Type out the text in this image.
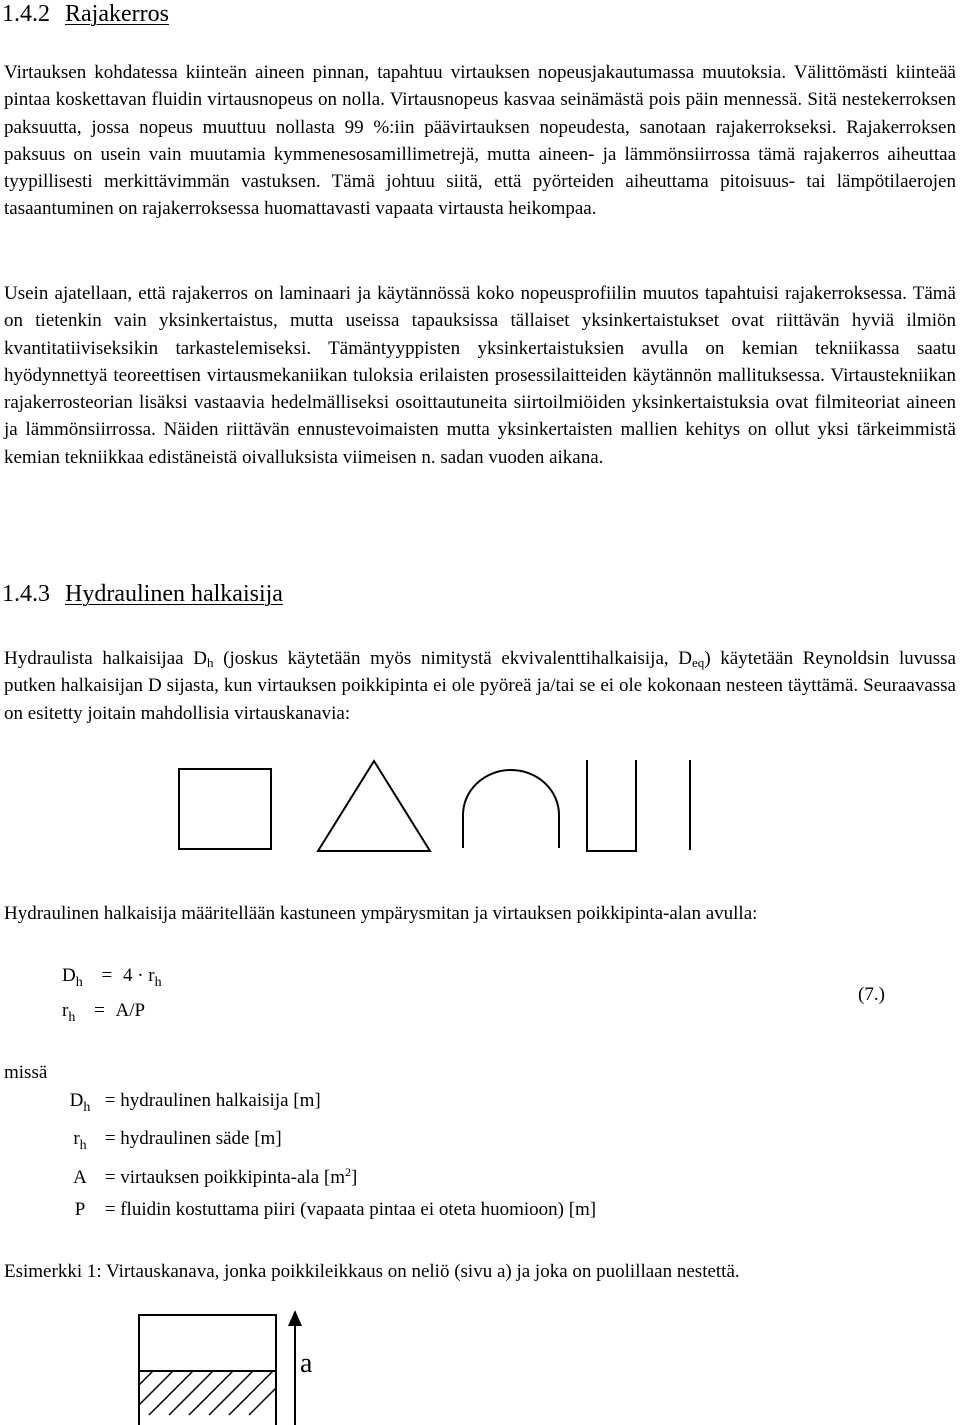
1.4.2 Rajakerros
Virtauksen kohdatessa kiinteän aineen pinnan, tapahtuu virtauksen nopeusjakautumassa muutoksia. Välittömästi kiinteää pintaa koskettavan fluidin virtausnopeus on nolla. Virtausnopeus kasvaa seinämästä pois päin mennessä. Sitä nestekerroksen paksuutta, jossa nopeus muuttuu nollasta 99 %:iin päävirtauksen nopeudesta, sanotaan rajakerrokseksi. Rajakerroksen paksuus on usein vain muutamia kymmenesosamillimetrejä, mutta aineen- ja lämmönsiirrossa tämä rajakerros aiheuttaa tyypillisesti merkittävimmän vastuksen. Tämä johtuu siitä, että pyörteiden aiheuttama pitoisuus- tai lämpötilaerojen tasaantuminen on rajakerroksessa huomattavasti vapaata virtausta heikompaa.
Usein ajatellaan, että rajakerros on laminaari ja käytännössä koko nopeusprofiilin muutos tapahtuisi rajakerroksessa. Tämä on tietenkin vain yksinkertaistus, mutta useissa tapauksissa tällaiset yksinkertaistukset ovat riittävän hyviä ilmiön kvantitatiiviseksikin tarkastelemiseksi. Tämäntyyppisten yksinkertaistuksien avulla on kemian tekniikassa saatu hyödynnettyä teoreettisen virtausmekaniikan tuloksia erilaisten prosessilaitteiden käytännön mallituksessa. Virtaustekniikan rajakerrosteorian lisäksi vastaavia hedelmälliseksi osoittautuneita siirtoilmiöiden yksinkertaistuksia ovat filmiteoriat aineen ja lämmönsiirrossa. Näiden riittävän ennustevoimaisten mutta yksinkertaisten mallien kehitys on ollut yksi tärkeimmistä kemian tekniikkaa edistäneistä oivalluksista viimeisen n. sadan vuoden aikana.
1.4.3 Hydraulinen halkaisija
Hydraulista halkaisijaa $D_h$ (joskus käytetään myös nimitystä ekvivalenttihalkaisija, $D_{eq}$) käytetään Reynoldsin luvussa putken halkaisijan D sijasta, kun virtauksen poikkipinta ei ole pyöreä ja/tai se ei ole kokonaan nesteen täyttämä. Seuraavassa on esitetty joitain mahdollisia virtauskanavia:
Hydraulinen halkaisija määritellään kastuneen ympärysmitan ja virtauksen poikkipinta-alan avulla:
$D_h = 4 \cdot r_h$
$r_h = A/P$
(7.)
missä
$D_h$ = hydraulinen halkaisija [m]
$r_h$ = hydraulinen säde [m]
A = virtauksen poikkipinta-ala $[m^2]$
P = fluidin kostuttama piiri (vapaata pintaa ei oteta huomioon) [m]
Esimerkki 1: Virtauskanava, jonka poikkileikkaus on neliö (sivu a) ja joka on puolillaan nestettä.
a
